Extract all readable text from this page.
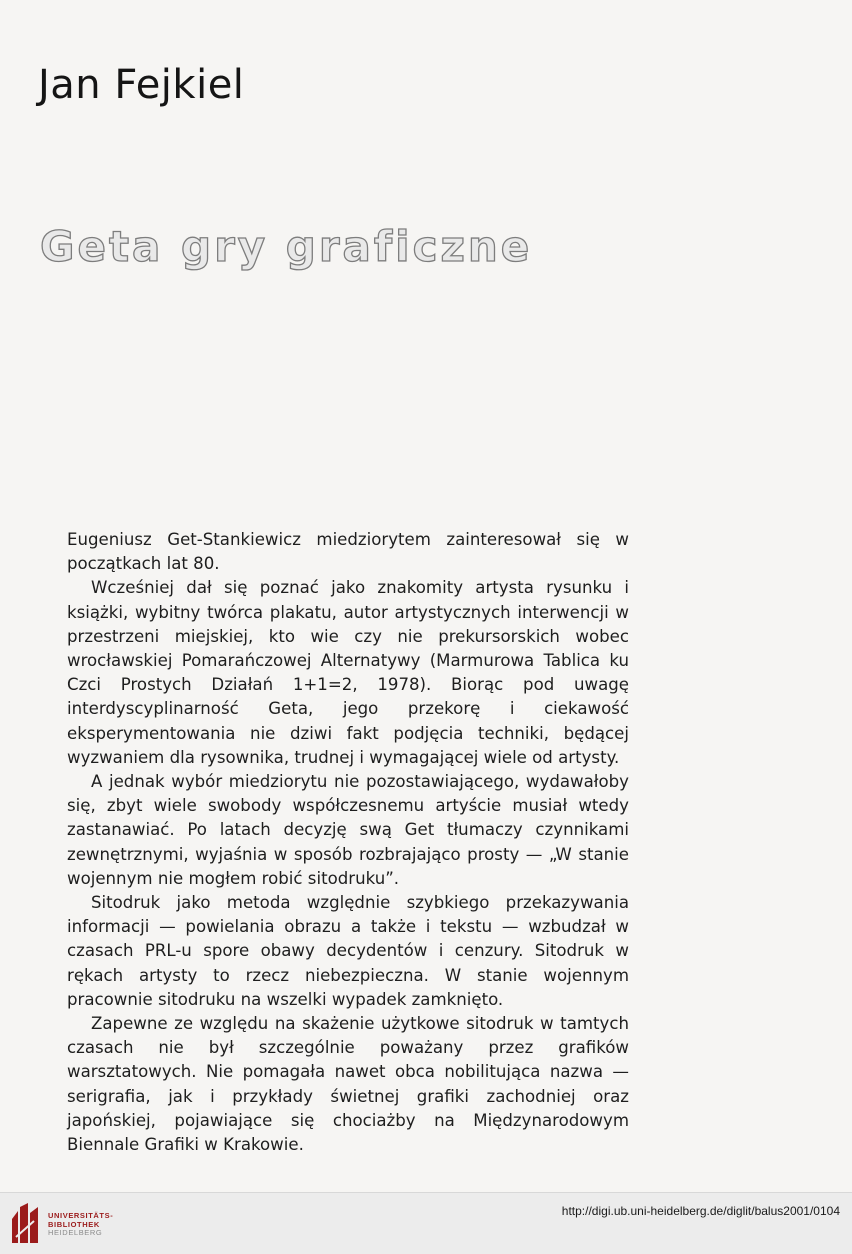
Jan Fejkiel
Geta gry graficzne

Eugeniusz Get-Stankiewicz miedziorytem zainteresował się w początkach lat 80.

Wcześniej dał się poznać jako znakomity artysta rysunku i książki, wybitny twórca plakatu, autor artystycznych interwencji w przestrzeni miejskiej, kto wie czy nie prekursorskich wobec wrocławskiej Pomarańczowej Alternatywy (Marmurowa Tablica ku Czci Prostych Działań 1+1=2, 1978). Biorąc pod uwagę interdyscyplinarność Geta, jego przekorę i ciekawość eksperymentowania nie dziwi fakt podjęcia techniki, będącej wyzwaniem dla rysownika, trudnej i wymagającej wiele od artysty.

A jednak wybór miedziorytu nie pozostawiającego, wydawałoby się, zbyt wiele swobody współczesnemu artyście musiał wtedy zastanawiać. Po latach decyzję swą Get tłumaczy czynnikami zewnętrznymi, wyjaśnia w sposób rozbrajająco prosty — „W stanie wojennym nie mogłem robić sitodruku”.

Sitodruk jako metoda względnie szybkiego przekazywania informacji — powielania obrazu a także i tekstu — wzbudzał w czasach PRL-u spore obawy decydentów i cenzury. Sitodruk w rękach artysty to rzecz niebezpieczna. W stanie wojennym pracownie sitodruku na wszelki wypadek zamknięto.

Zapewne ze względu na skażenie użytkowe sitodruk w tamtych czasach nie był szczególnie poważany przez grafików warsztatowych. Nie pomagała nawet obca nobilitująca nazwa — serigrafia, jak i przykłady świetnej grafiki zachodniej oraz japońskiej, pojawiające się chociażby na Międzynarodowym Biennale Grafiki w Krakowie.

UNIVERSITÄTS-
BIBLIOTHEK
HEIDELBERG
http://digi.ub.uni-heidelberg.de/diglit/balus2001/0104
